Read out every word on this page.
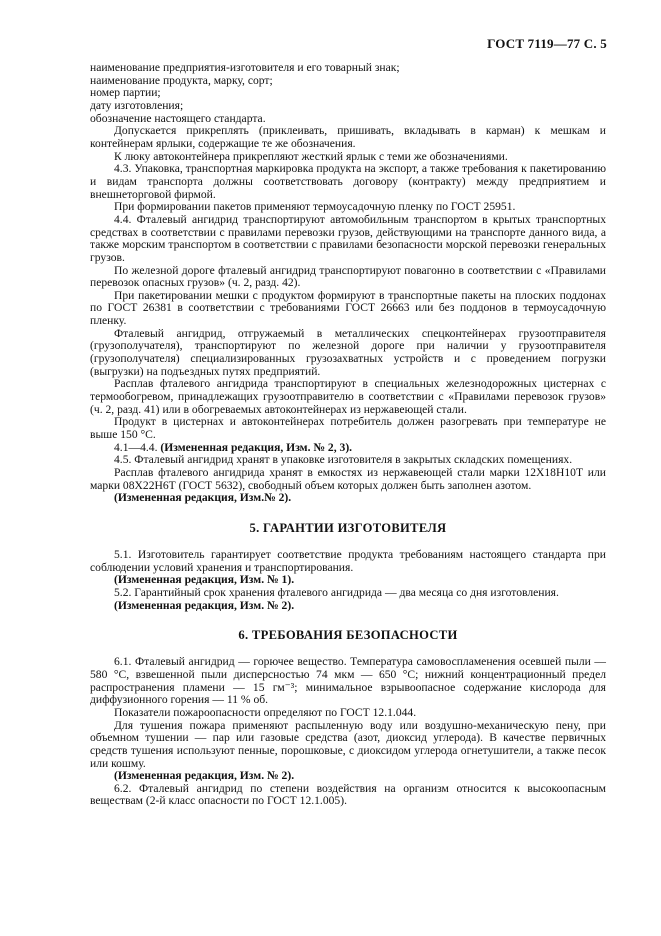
ГОСТ 7119—77 С. 5

наименование предприятия-изготовителя и его товарный знак;

наименование продукта, марку, сорт;

номер партии;

дату изготовления;

обозначение настоящего стандарта.

Допускается прикреплять (приклеивать, пришивать, вкладывать в карман) к мешкам и контейнерам ярлыки, содержащие те же обозначения.

К люку автоконтейнера прикрепляют жесткий ярлык с теми же обозначениями.

4.3. Упаковка, транспортная маркировка продукта на экспорт, а также требования к пакетированию и видам транспорта должны соответствовать договору (контракту) между предприятием и внешнеторговой фирмой.

При формировании пакетов применяют термоусадочную пленку по ГОСТ 25951.

4.4. Фталевый ангидрид транспортируют автомобильным транспортом в крытых транспортных средствах в соответствии с правилами перевозки грузов, действующими на транспорте данного вида, а также морским транспортом в соответствии с правилами безопасности морской перевозки генеральных грузов.

По железной дороге фталевый ангидрид транспортируют повагонно в соответствии с «Правилами перевозок опасных грузов» (ч. 2, разд. 42).

При пакетировании мешки с продуктом формируют в транспортные пакеты на плоских поддонах по ГОСТ 26381 в соответствии с требованиями ГОСТ 26663 или без поддонов в термоусадочную пленку.

Фталевый ангидрид, отгружаемый в металлических спецконтейнерах грузоотправителя (грузополучателя), транспортируют по железной дороге при наличии у грузоотправителя (грузополучателя) специализированных грузозахватных устройств и с проведением погрузки (выгрузки) на подъездных путях предприятий.

Расплав фталевого ангидрида транспортируют в специальных железнодорожных цистернах с термообогревом, принадлежащих грузоотправителю в соответствии с «Правилами перевозок грузов» (ч. 2, разд. 41) или в обогреваемых автоконтейнерах из нержавеющей стали.

Продукт в цистернах и автоконтейнерах потребитель должен разогревать при температуре не выше 150 °С.

4.1—4.4. (Измененная редакция, Изм. № 2, 3).

4.5. Фталевый ангидрид хранят в упаковке изготовителя в закрытых складских помещениях.

Расплав фталевого ангидрида хранят в емкостях из нержавеющей стали марки 12Х18Н10Т или марки 08Х22Н6Т (ГОСТ 5632), свободный объем которых должен быть заполнен азотом.

(Измененная редакция, Изм.№ 2).

5. ГАРАНТИИ ИЗГОТОВИТЕЛЯ

5.1. Изготовитель гарантирует соответствие продукта требованиям настоящего стандарта при соблюдении условий хранения и транспортирования.

(Измененная редакция, Изм. № 1).

5.2. Гарантийный срок хранения фталевого ангидрида — два месяца со дня изготовления.

(Измененная редакция, Изм. № 2).

6. ТРЕБОВАНИЯ БЕЗОПАСНОСТИ

6.1. Фталевый ангидрид — горючее вещество. Температура самовоспламенения осевшей пыли — 580 °С, взвешенной пыли дисперсностью 74 мкм — 650 °С; нижний концентрационный предел распространения пламени — 15 гм⁻³; минимальное взрывоопасное содержание кислорода для диффузионного горения — 11 % об.

Показатели пожароопасности определяют по ГОСТ 12.1.044.

Для тушения пожара применяют распыленную воду или воздушно-механическую пену, при объемном тушении — пар или газовые средства (азот, диоксид углерода). В качестве первичных средств тушения используют пенные, порошковые, с диоксидом углерода огнетушители, а также песок или кошму.

(Измененная редакция, Изм. № 2).

6.2. Фталевый ангидрид по степени воздействия на организм относится к высокоопасным веществам (2-й класс опасности по ГОСТ 12.1.005).
